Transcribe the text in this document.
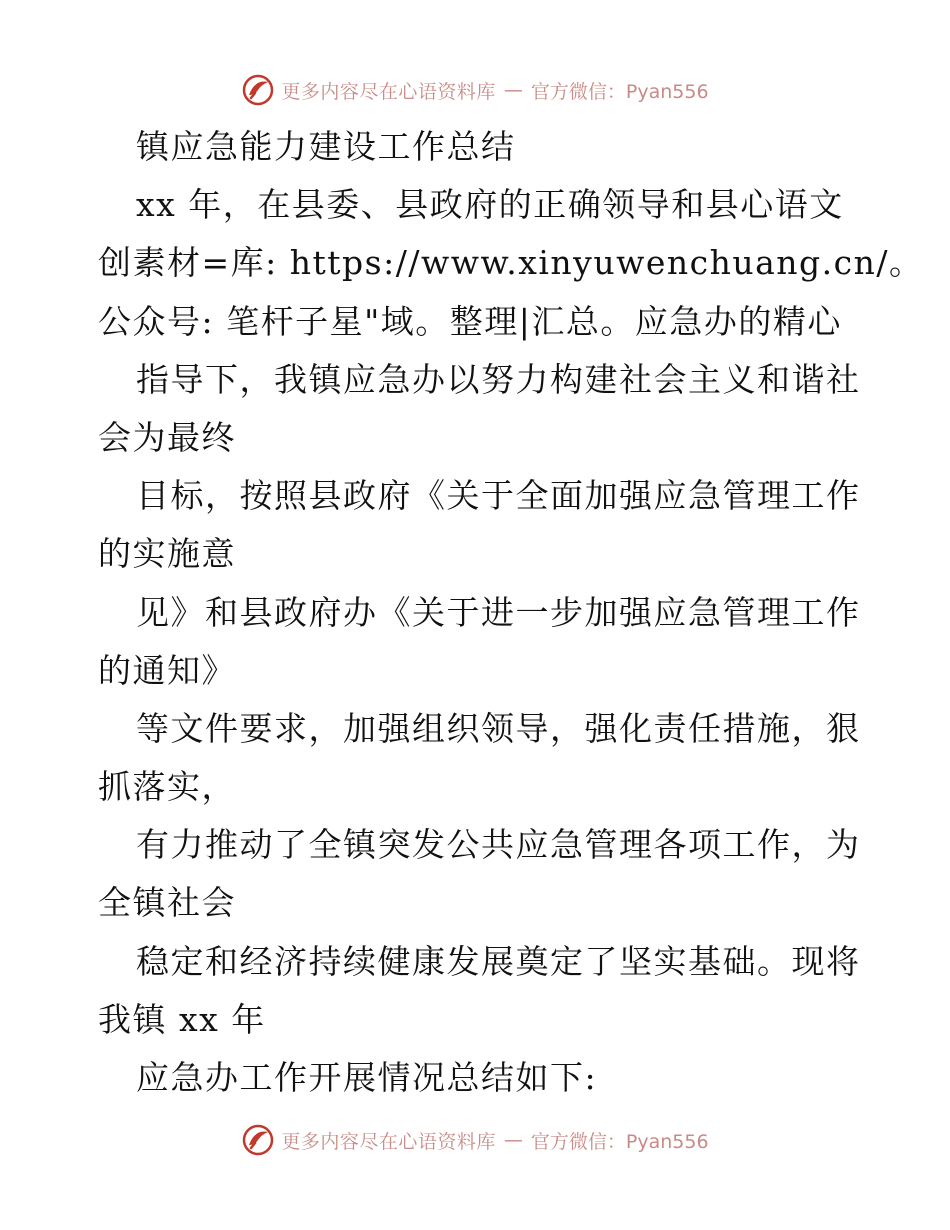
更多内容尽在心语资料库 — 官方微信：Pyan556
镇应急能力建设工作总结
xx 年，在县委、县政府的正确领导和县心语文
创素材=库: https://www.xinyuwenchuang.cn/。
公众号: 笔杆子星"域。整理|汇总。应急办的精心
指导下，我镇应急办以努力构建社会主义和谐社
会为最终
目标，按照县政府《关于全面加强应急管理工作
的实施意
见》和县政府办《关于进一步加强应急管理工作
的通知》
等文件要求，加强组织领导，强化责任措施，狠
抓落实，
有力推动了全镇突发公共应急管理各项工作，为
全镇社会
稳定和经济持续健康发展奠定了坚实基础。现将
我镇 xx 年
应急办工作开展情况总结如下:
更多内容尽在心语资料库 — 官方微信：Pyan556
